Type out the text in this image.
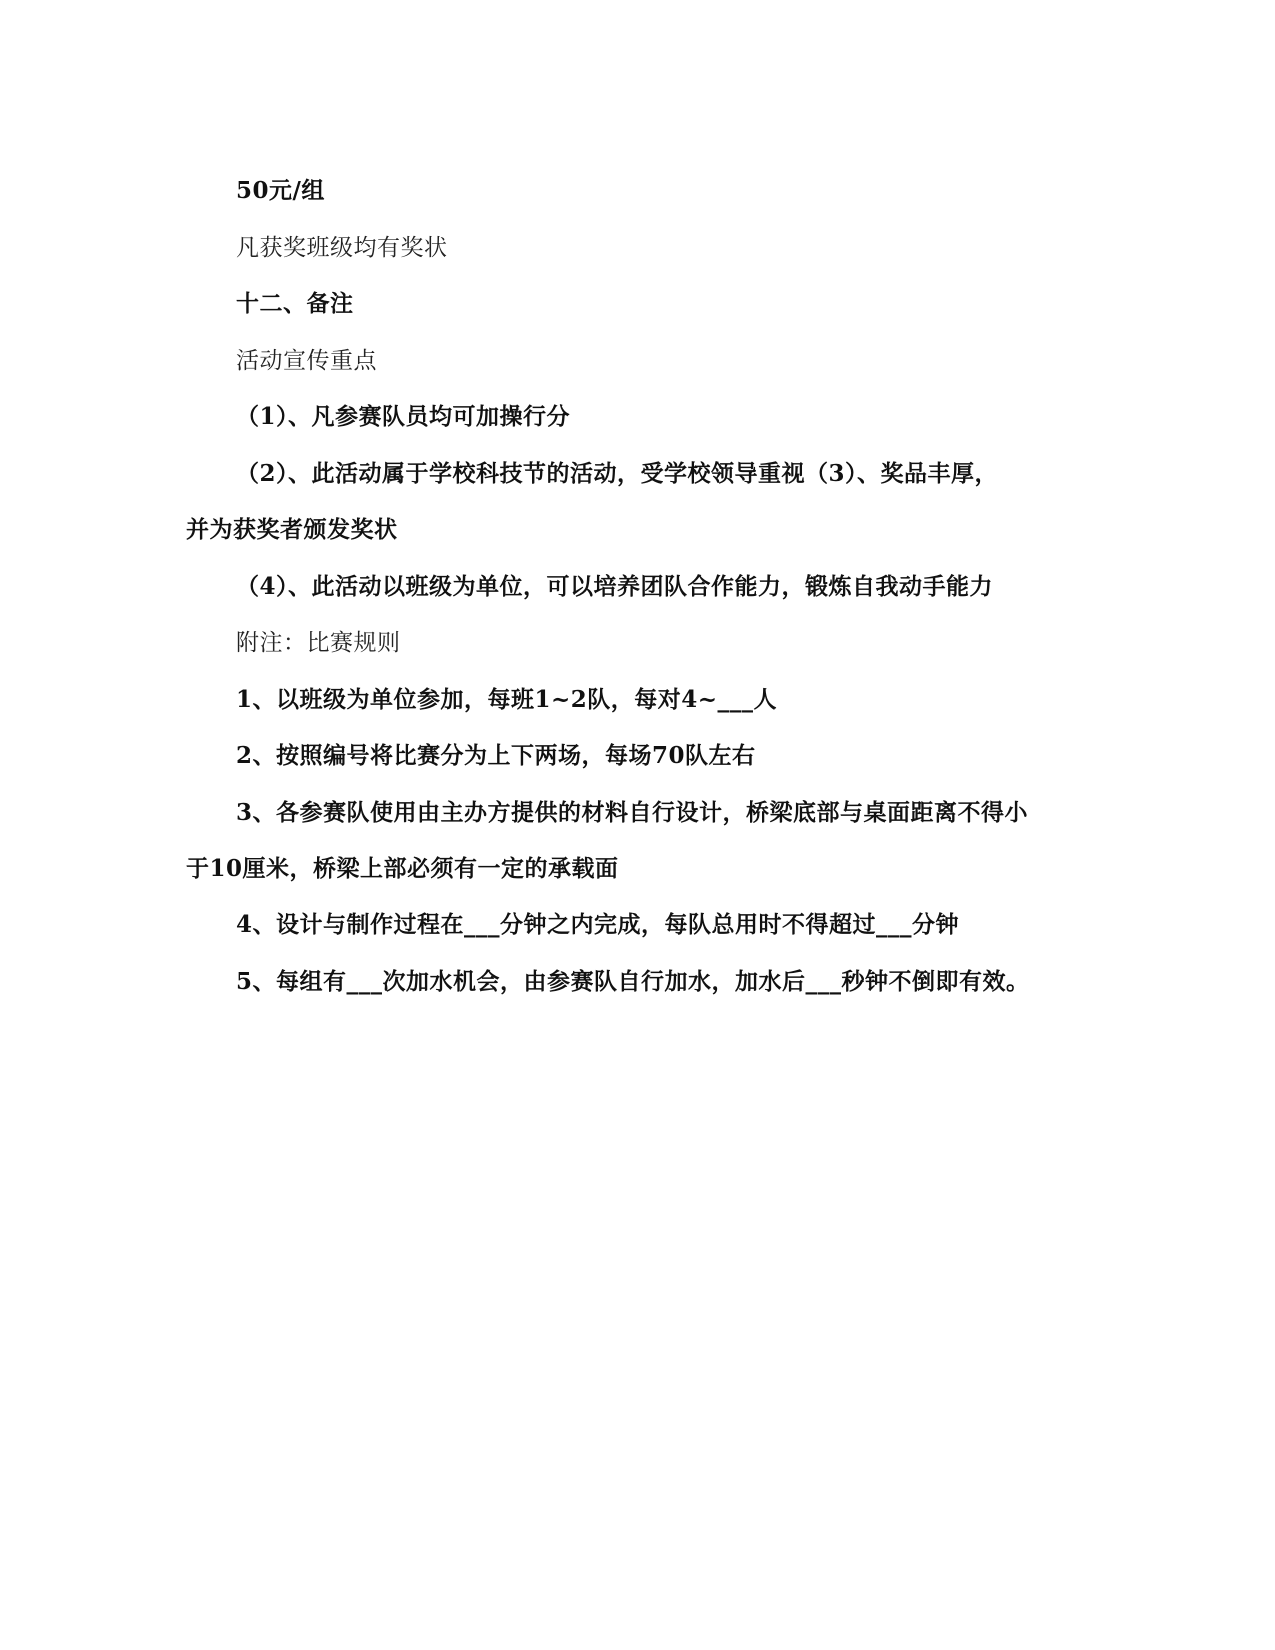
50元/组
凡获奖班级均有奖状
十二、备注
活动宣传重点
（1）、凡参赛队员均可加操行分
（2）、此活动属于学校科技节的活动，受学校领导重视（3）、奖品丰厚，
并为获奖者颁发奖状
（4）、此活动以班级为单位，可以培养团队合作能力，锻炼自我动手能力
附注：比赛规则
1、以班级为单位参加，每班1~2队，每对4~___人
2、按照编号将比赛分为上下两场，每场70队左右
3、各参赛队使用由主办方提供的材料自行设计，桥梁底部与桌面距离不得小
于10厘米，桥梁上部必须有一定的承载面
4、设计与制作过程在___分钟之内完成，每队总用时不得超过___分钟
5、每组有___次加水机会，由参赛队自行加水，加水后___秒钟不倒即有效。
